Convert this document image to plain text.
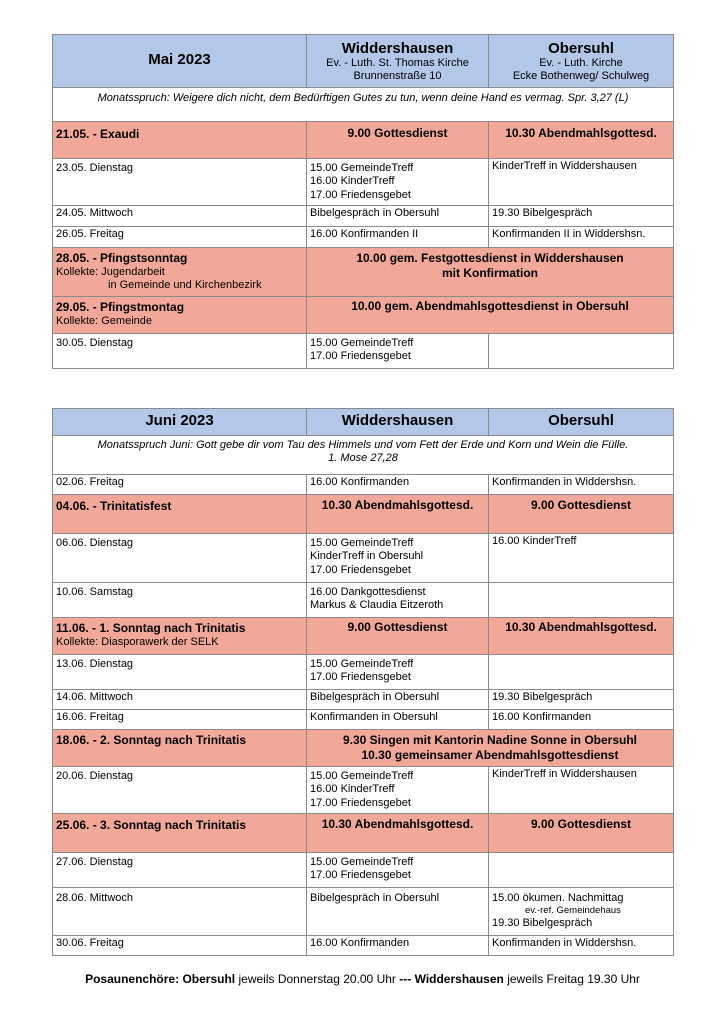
Mai 2023	Widdershausen
Ev. - Luth. St. Thomas Kirche
Brunnenstraße 10	Obersuhl
Ev. - Luth. Kirche
Ecke Bothenweg/ Schulweg

Monatsspruch: Weigere dich nicht, dem Bedürftigen Gutes zu tun, wenn deine Hand es vermag. Spr. 3,27 (L)		

21.05. - Exaudi	9.00 Gottesdienst	10.30 Abendmahlsgottesd.
23.05. Dienstag	15.00 GemeindeTreff
16.00 KinderTreff
17.00 Friedensgebet	KinderTreff in Widdershausen
24.05. Mittwoch	Bibelgespräch in Obersuhl	19.30 Bibelgespräch
26.05. Freitag	16.00 Konfirmanden II	Konfirmanden II in Widdershsn.

28.05. - Pfingstsonntag
Kollekte: Jugendarbeit
in Gemeinde und Kirchenbezirk	10.00 gem. Festgottesdienst in Widdershausen
mit Konfirmation	

29.05. - Pfingstmontag
Kollekte: Gemeinde	10.00 gem. Abendmahlsgottesdienst in Obersuhl	
30.05. Dienstag	15.00 GemeindeTreff
17.00 Friedensgebet	

Juni 2023	Widdershausen	Obersuhl

Monatsspruch Juni: Gott gebe dir vom Tau des Himmels und vom Fett der Erde und Korn und Wein die Fülle.
1. Mose 27,28		

02.06. Freitag	16.00 Konfirmanden	Konfirmanden in Widdershsn.

04.06. - Trinitatisfest	10.30 Abendmahlsgottesd.	9.00 Gottesdienst
06.06. Dienstag	15.00 GemeindeTreff
KinderTreff in Obersuhl
17.00 Friedensgebet	16.00 KinderTreff
10.06. Samstag	16.00 Dankgottesdienst
Markus & Claudia Eitzeroth	

11.06. - 1. Sonntag nach Trinitatis
Kollekte: Diasporawerk der SELK	9.00 Gottesdienst	10.30 Abendmahlsgottesd.
13.06. Dienstag	15.00 GemeindeTreff
17.00 Friedensgebet	

14.06. Mittwoch	Bibelgespräch in Obersuhl	19.30 Bibelgespräch
16.06. Freitag	Konfirmanden in Obersuhl	16.00 Konfirmanden

18.06. - 2. Sonntag nach Trinitatis	9.30 Singen mit Kantorin Nadine Sonne in Obersuhl
10.30 gemeinsamer Abendmahlsgottesdienst	

20.06. Dienstag	15.00 GemeindeTreff
16.00 KinderTreff
17.00 Friedensgebet	KinderTreff in Widdershausen

25.06. - 3. Sonntag nach Trinitatis	10.30 Abendmahlsgottesd.	9.00 Gottesdienst
27.06. Dienstag	15.00 GemeindeTreff
17.00 Friedensgebet	

28.06. Mittwoch	Bibelgespräch in Obersuhl	15.00 ökumen. Nachmittag
ev.-ref. Gemeindehaus
19.30 Bibelgespräch

30.06. Freitag	16.00 Konfirmanden	Konfirmanden in Widdershsn.
Posaunenchöre: Obersuhl jeweils Donnerstag 20.00 Uhr --- Widdershausen jeweils Freitag 19.30 Uhr
